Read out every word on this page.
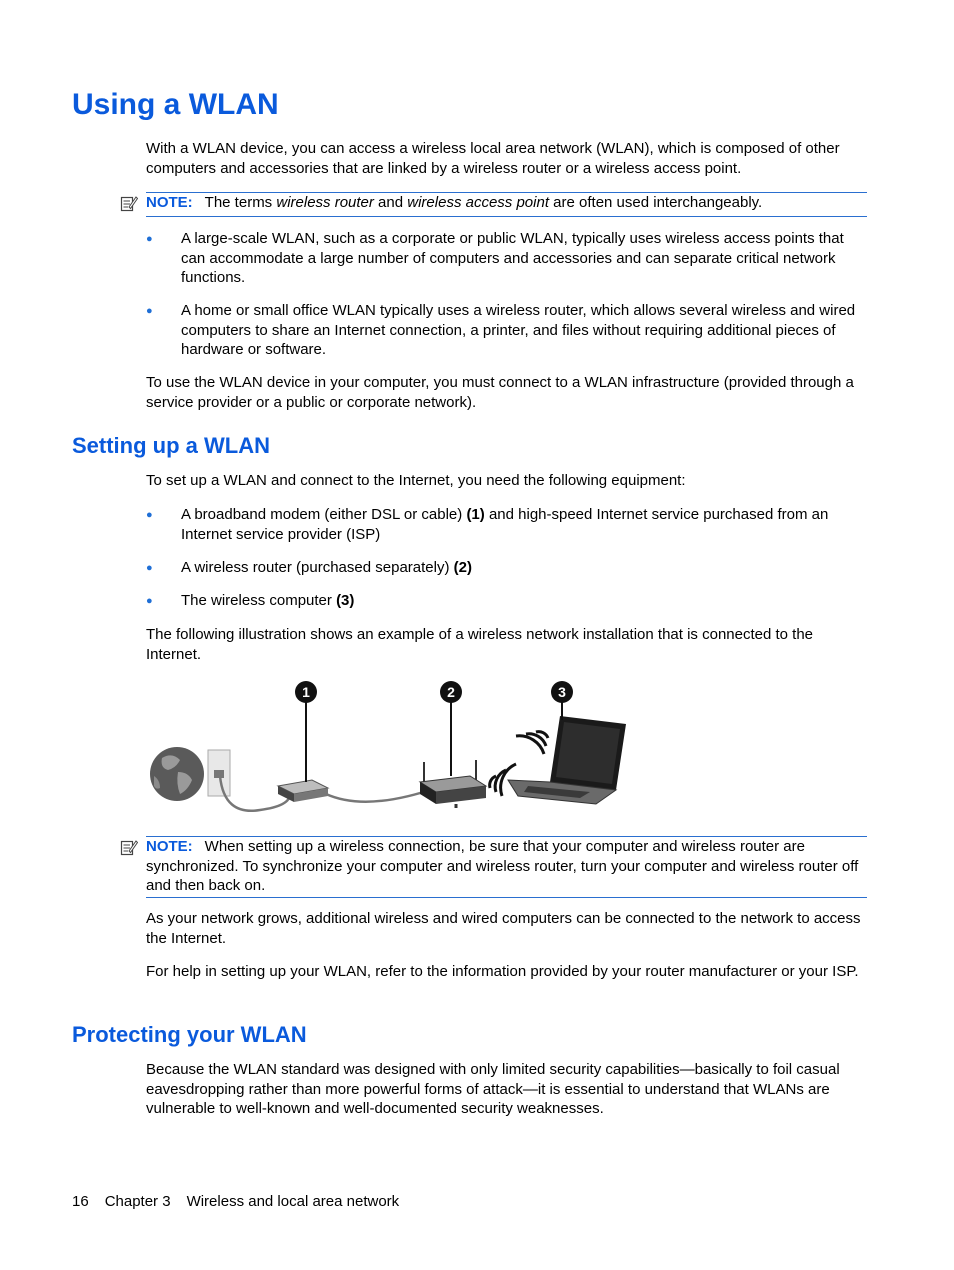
Using a WLAN

With a WLAN device, you can access a wireless local area network (WLAN), which is composed of other computers and accessories that are linked by a wireless router or a wireless access point.

NOTE: The terms wireless router and wireless access point are often used interchangeably.
● A large-scale WLAN, such as a corporate or public WLAN, typically uses wireless access points that can accommodate a large number of computers and accessories and can separate critical network functions.

● A home or small office WLAN typically uses a wireless router, which allows several wireless and wired computers to share an Internet connection, a printer, and files without requiring additional pieces of hardware or software.

To use the WLAN device in your computer, you must connect to a WLAN infrastructure (provided through a service provider or a public or corporate network).

Setting up a WLAN

To set up a WLAN and connect to the Internet, you need the following equipment:

● A broadband modem (either DSL or cable) (1) and high-speed Internet service purchased from an Internet service provider (ISP)

● A wireless router (purchased separately) (2)

● The wireless computer (3)

The following illustration shows an example of a wireless network installation that is connected to the Internet.

1	2	3
NOTE: When setting up a wireless connection, be sure that your computer and wireless router are synchronized. To synchronize your computer and wireless router, turn your computer and wireless router off and then back on.

As your network grows, additional wireless and wired computers can be connected to the network to access the Internet.

For help in setting up your WLAN, refer to the information provided by your router manufacturer or your ISP.

Protecting your WLAN

Because the WLAN standard was designed with only limited security capabilities—basically to foil casual eavesdropping rather than more powerful forms of attack—it is essential to understand that WLANs are vulnerable to well-known and well-documented security weaknesses.

16 Chapter 3 Wireless and local area network
